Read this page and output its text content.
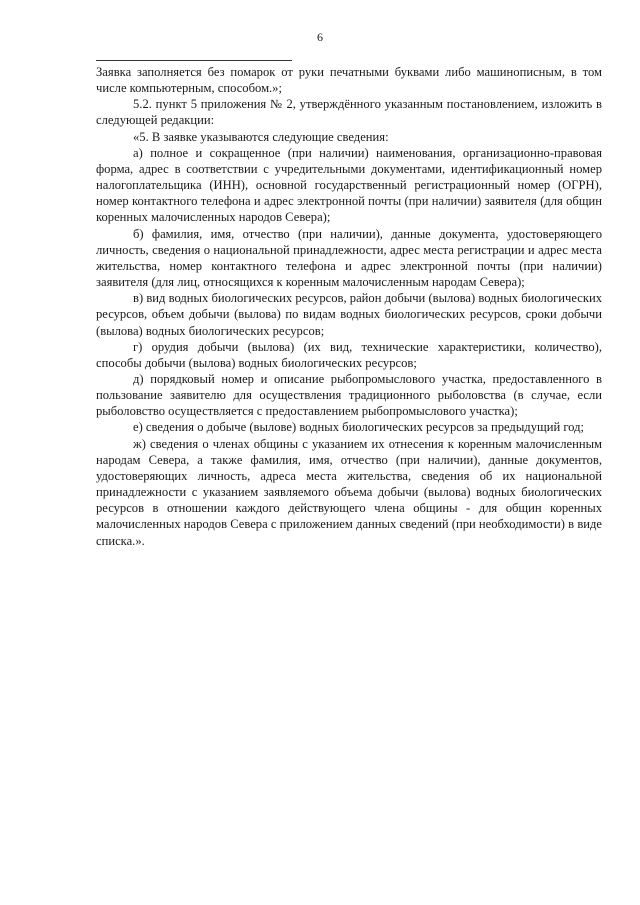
6

Заявка заполняется без помарок от руки печатными буквами либо машинописным, в том числе компьютерным, способом.»;

5.2. пункт 5 приложения № 2, утверждённого указанным постановлением, изложить в следующей редакции:

«5. В заявке указываются следующие сведения:

а) полное и сокращенное (при наличии) наименования, организационно-правовая форма, адрес в соответствии с учредительными документами, идентификационный номер налогоплательщика (ИНН), основной государственный регистрационный номер (ОГРН), номер контактного телефона и адрес электронной почты (при наличии) заявителя (для общин коренных малочисленных народов Севера);

б) фамилия, имя, отчество (при наличии), данные документа, удостоверяющего личность, сведения о национальной принадлежности, адрес места регистрации и адрес места жительства, номер контактного телефона и адрес электронной почты (при наличии) заявителя (для лиц, относящихся к коренным малочисленным народам Севера);

в) вид водных биологических ресурсов, район добычи (вылова) водных биологических ресурсов, объем добычи (вылова) по видам водных биологических ресурсов, сроки добычи (вылова) водных биологических ресурсов;

г) орудия добычи (вылова) (их вид, технические характеристики, количество), способы добычи (вылова) водных биологических ресурсов;

д) порядковый номер и описание рыбопромыслового участка, предоставленного в пользование заявителю для осуществления традиционного рыболовства (в случае, если рыболовство осуществляется с предоставлением рыбопромыслового участка);

е) сведения о добыче (вылове) водных биологических ресурсов за предыдущий год;

ж) сведения о членах общины с указанием их отнесения к коренным малочисленным народам Севера, а также фамилия, имя, отчество (при наличии), данные документов, удостоверяющих личность, адреса места жительства, сведения об их национальной принадлежности с указанием заявляемого объема добычи (вылова) водных биологических ресурсов в отношении каждого действующего члена общины - для общин коренных малочисленных народов Севера с приложением данных сведений (при необходимости) в виде списка.».
